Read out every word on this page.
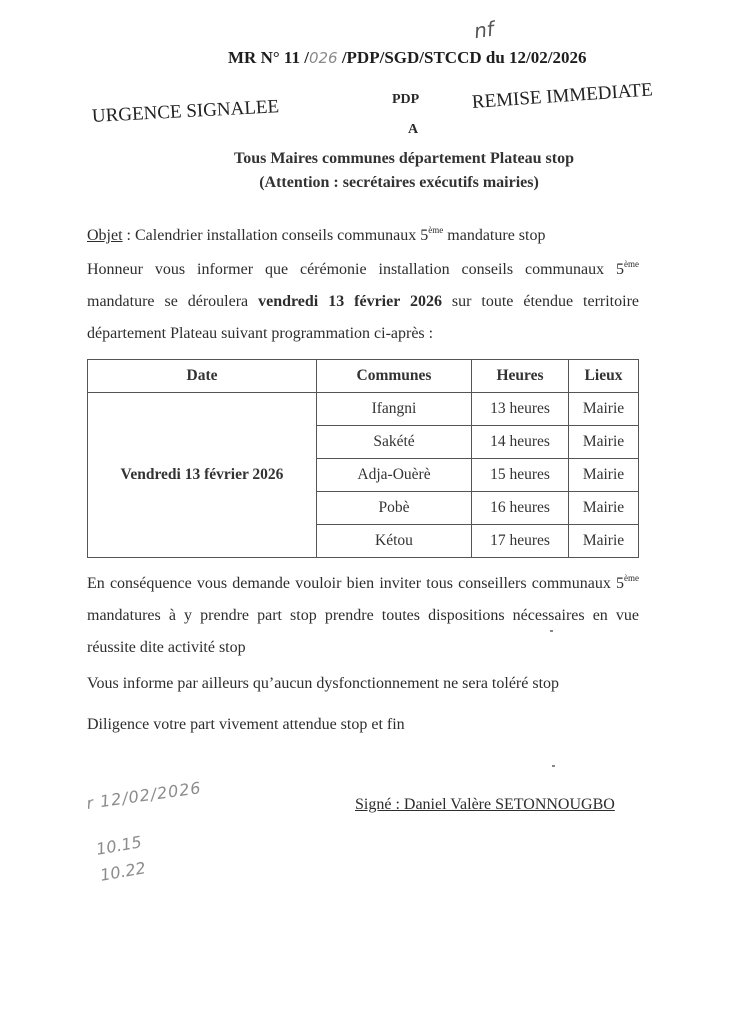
nf
MR N° 11 /026 /PDP/SGD/STCCD du 12/02/2026
URGENCE SIGNALEE	PDP
A
REMISE IMMEDIATE
Tous Maires communes département Plateau stop
(Attention : secrétaires exécutifs mairies)
Objet : Calendrier installation conseils communaux 5ème mandature stop
Honneur vous informer que cérémonie installation conseils communaux 5ème mandature se déroulera vendredi 13 février 2026 sur toute étendue territoire département Plateau suivant programmation ci-après :
Date	Communes	Heures	Lieux
Vendredi 13 février 2026	Ifangni	13 heures	Mairie
	Sakété	14 heures	Mairie
	Adja-Ouèrè	15 heures	Mairie
	Pobè	16 heures	Mairie
	Kétou	17 heures	Mairie
En conséquence vous demande vouloir bien inviter tous conseillers communaux 5ème mandatures à y prendre part stop prendre toutes dispositions nécessaires en vue réussite dite activité stop
Vous informe par ailleurs qu’aucun dysfonctionnement ne sera toléré stop
Diligence votre part vivement attendue stop et fin
Signé : Daniel Valère SETONNOUGBO
r 12/02/2026
10.15
10.22
